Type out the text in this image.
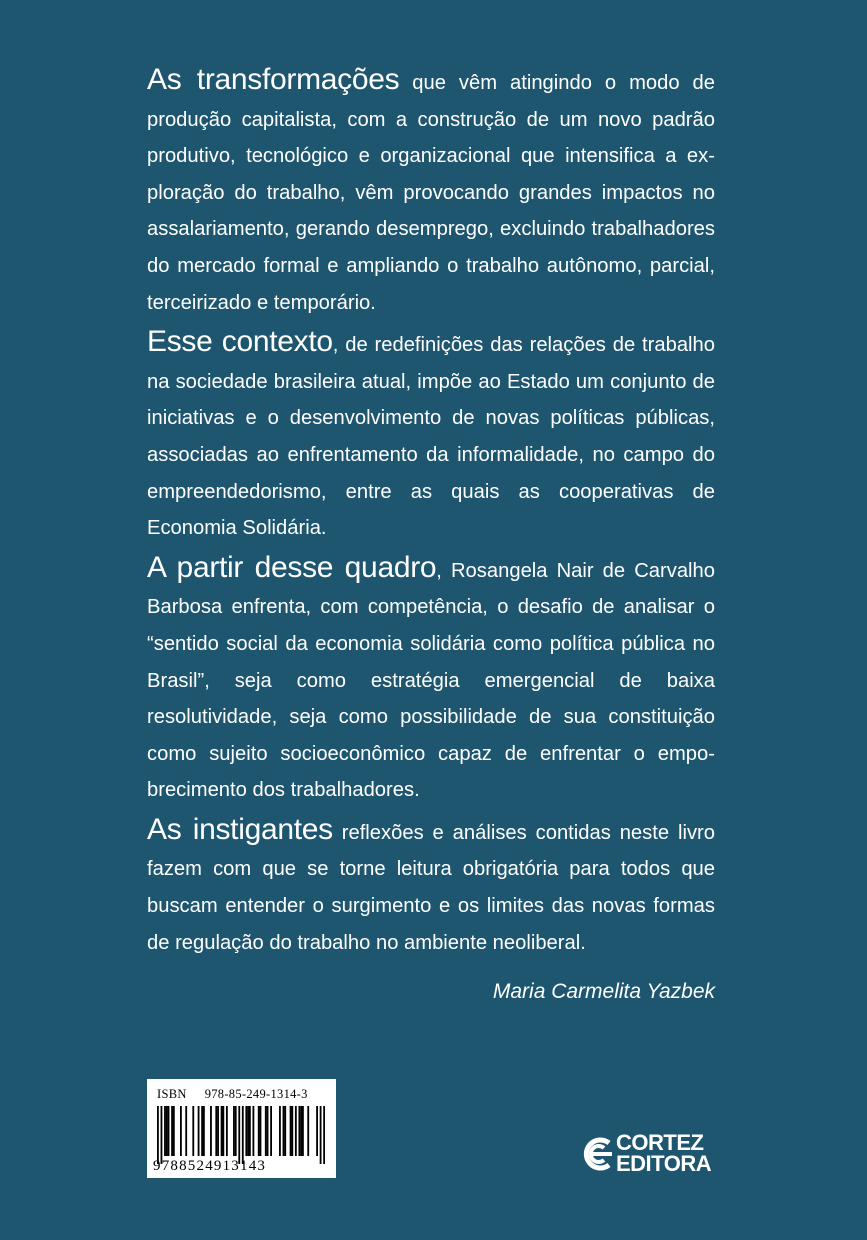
As transformações que vêm atingindo o modo de produção capitalista, com a construção de um novo padrão produtivo, tecnológico e organizacional que intensifica a exploração do trabalho, vêm provocando grandes impactos no assalariamento, gerando desemprego, excluindo trabalhadores do mercado formal e ampliando o trabalho autônomo, parcial, terceirizado e temporário.

Esse contexto, de redefinições das relações de trabalho na sociedade brasileira atual, impõe ao Estado um conjunto de iniciativas e o desenvolvimento de novas políticas públicas, associadas ao enfrentamento da informalidade, no campo do empreendedorismo, entre as quais as cooperativas de Economia Solidária.

A partir desse quadro, Rosangela Nair de Carvalho Barbosa enfrenta, com competência, o desafio de analisar o “sentido social da economia solidária como política pública no Brasil”, seja como estratégia emergencial de baixa resolutividade, seja como possibilidade de sua constituição como sujeito socioeconômico capaz de enfrentar o empobrecimento dos trabalhadores.

As instigantes reflexões e análises contidas neste livro fazem com que se torne leitura obrigatória para todos que buscam entender o surgimento e os limites das novas formas de regulação do trabalho no ambiente neoliberal.

Maria Carmelita Yazbek
ISBN 978-85-249-1314-3
9788524913143
CORTEZ
EDITORA
